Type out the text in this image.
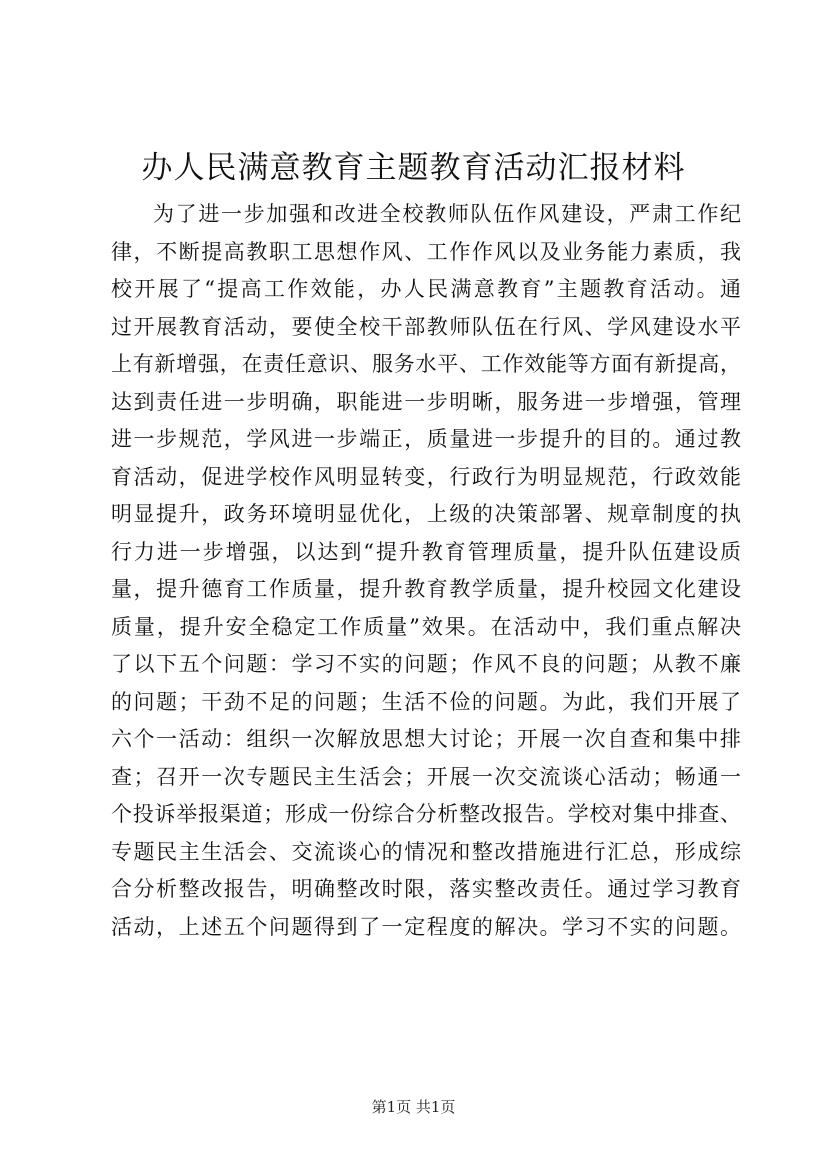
办人民满意教育主题教育活动汇报材料
为了进一步加强和改进全校教师队伍作风建设，严肃工作纪
律，不断提高教职工思想作风、工作作风以及业务能力素质，我
校开展了“提高工作效能，办人民满意教育”主题教育活动。通
过开展教育活动，要使全校干部教师队伍在行风、学风建设水平
上有新增强，在责任意识、服务水平、工作效能等方面有新提高，
达到责任进一步明确，职能进一步明晰，服务进一步增强，管理
进一步规范，学风进一步端正，质量进一步提升的目的。通过教
育活动，促进学校作风明显转变，行政行为明显规范，行政效能
明显提升，政务环境明显优化，上级的决策部署、规章制度的执
行力进一步增强，以达到“提升教育管理质量，提升队伍建设质
量，提升德育工作质量，提升教育教学质量，提升校园文化建设
质量，提升安全稳定工作质量”效果。在活动中，我们重点解决
了以下五个问题：学习不实的问题；作风不良的问题；从教不廉
的问题；干劲不足的问题；生活不俭的问题。为此，我们开展了
六个一活动：组织一次解放思想大讨论；开展一次自查和集中排
查；召开一次专题民主生活会；开展一次交流谈心活动；畅通一
个投诉举报渠道；形成一份综合分析整改报告。学校对集中排查、
专题民主生活会、交流谈心的情况和整改措施进行汇总，形成综
合分析整改报告，明确整改时限，落实整改责任。通过学习教育
活动，上述五个问题得到了一定程度的解决。学习不实的问题。
第1页 共1页
